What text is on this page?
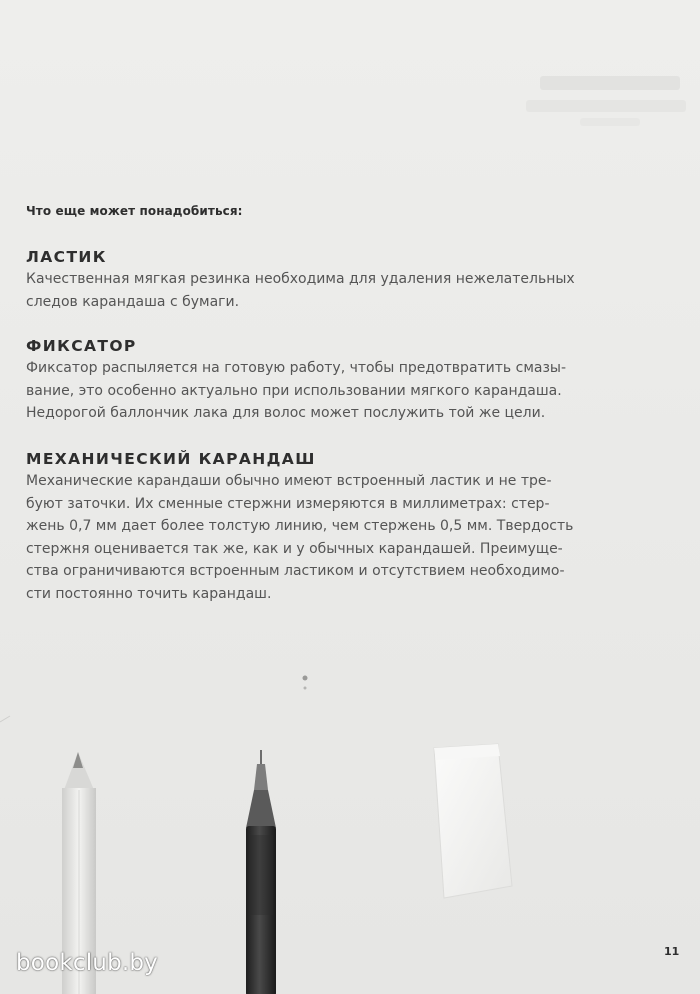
Что еще может понадобиться:
ЛАСТИК

Качественная мягкая резинка необходима для удаления нежелательных
следов карандаша с бумаги.

ФИКСАТОР

Фиксатор распыляется на готовую работу, чтобы предотвратить смазы-
вание, это особенно актуально при использовании мягкого карандаша.
Недорогой баллончик лака для волос может послужить той же цели.

МЕХАНИЧЕСКИЙ КАРАНДАШ

Механические карандаши обычно имеют встроенный ластик и не тре-
буют заточки. Их сменные стержни измеряются в миллиметрах: стер-
жень 0,7 мм дает более толстую линию, чем стержень 0,5 мм. Твердость
стержня оценивается так же, как и у обычных карандашей. Преимуще-
ства ограничиваются встроенным ластиком и отсутствием необходимо-
сти постоянно точить карандаш.

11
bookclub.by
